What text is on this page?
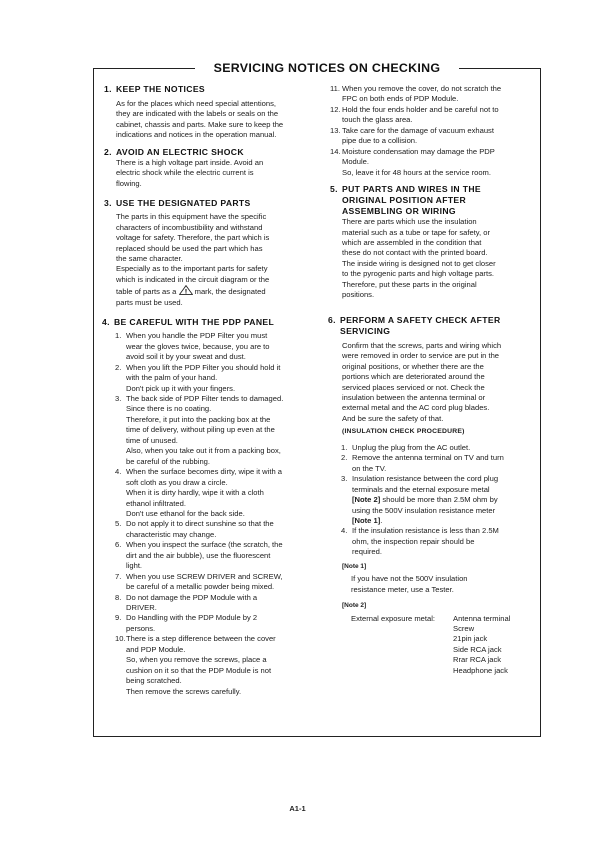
SERVICING NOTICES ON CHECKING

1. KEEP THE NOTICES

As for the places which need special attentions,

they are indicated with the labels or seals on the

cabinet, chassis and parts. Make sure to keep the

indications and notices in the operation manual.

2. AVOID AN ELECTRIC SHOCK

There is a high voltage part inside. Avoid an

electric shock while the electric current is

flowing.

3. USE THE DESIGNATED PARTS

The parts in this equipment have the specific

characters of incombustibility and withstand

voltage for safety. Therefore, the part which is

replaced should be used the part which has

the same character.

Especially as to the important parts for safety

which is indicated in the circuit diagram or the

table of parts as a ! mark, the designated

parts must be used.

4. BE CAREFUL WITH THE PDP PANEL

1. When you handle the PDP Filter you must
wear the gloves twice, because, you are to
avoid soil it by your sweat and dust.
2. When you lift the PDP Filter you should hold it
with the palm of your hand.
Don't pick up it with your fingers.
3. The back side of PDP Filter tends to damaged.
Since there is no coating.
Therefore, it put into the packing box at the
time of delivery, without piling up even at the
time of unused.
Also, when you take out it from a packing box,
be careful of the rubbing.
4. When the surface becomes dirty, wipe it with a
soft cloth as you draw a circle.
When it is dirty hardly, wipe it with a cloth
ethanol infiltrated.
Don't use ethanol for the back side.
5. Do not apply it to direct sunshine so that the
characteristic may change.
6. When you inspect the surface (the scratch, the
dirt and the air bubble), use the fluorescent
light.
7. When you use SCREW DRIVER and SCREW,
be careful of a metallic powder being mixed.
8. Do not damage the PDP Module with a
DRIVER.
9. Do Handling with the PDP Module by 2
persons.
10. There is a step difference between the cover
and PDP Module.
So, when you remove the screws, place a
cushion on it so that the PDP Module is not
being scratched.
Then remove the screws carefully.
11. When you remove the cover, do not scratch the
FPC on both ends of PDP Module.
12. Hold the four ends holder and be careful not to
touch the glass area.
13. Take care for the damage of vacuum exhaust
pipe due to a collision.
14. Moisture condensation may damage the PDP
Module.
So, leave it for 48 hours at the service room.

5. PUT PARTS AND WIRES IN THE

ORIGINAL POSITION AFTER

ASSEMBLING OR WIRING

There are parts which use the insulation

material such as a tube or tape for safety, or

which are assembled in the condition that

these do not contact with the printed board.

The inside wiring is designed not to get closer

to the pyrogenic parts and high voltage parts.

Therefore, put these parts in the original

positions.

6. PERFORM A SAFETY CHECK AFTER

SERVICING

Confirm that the screws, parts and wiring which

were removed in order to service are put in the

original positions, or whether there are the

portions which are deteriorated around the

serviced places serviced or not. Check the

insulation between the antenna terminal or

external metal and the AC cord plug blades.

And be sure the safety of that.

(INSULATION CHECK PROCEDURE)

1. Unplug the plug from the AC outlet.
2. Remove the antenna terminal on TV and turn
on the TV.
3. Insulation resistance between the cord plug
terminals and the eternal exposure metal
[Note 2] should be more than 2.5M ohm by
using the 500V insulation resistance meter
[Note 1].
4. If the insulation resistance is less than 2.5M
ohm, the inspection repair should be
required.

[Note 1]

If you have not the 500V insulation

resistance meter, use a Tester.

[Note 2]

External exposure metal:	Antenna terminal

Screw

21pin jack

Side RCA jack

Rrar RCA jack

Headphone jack

A1-1
